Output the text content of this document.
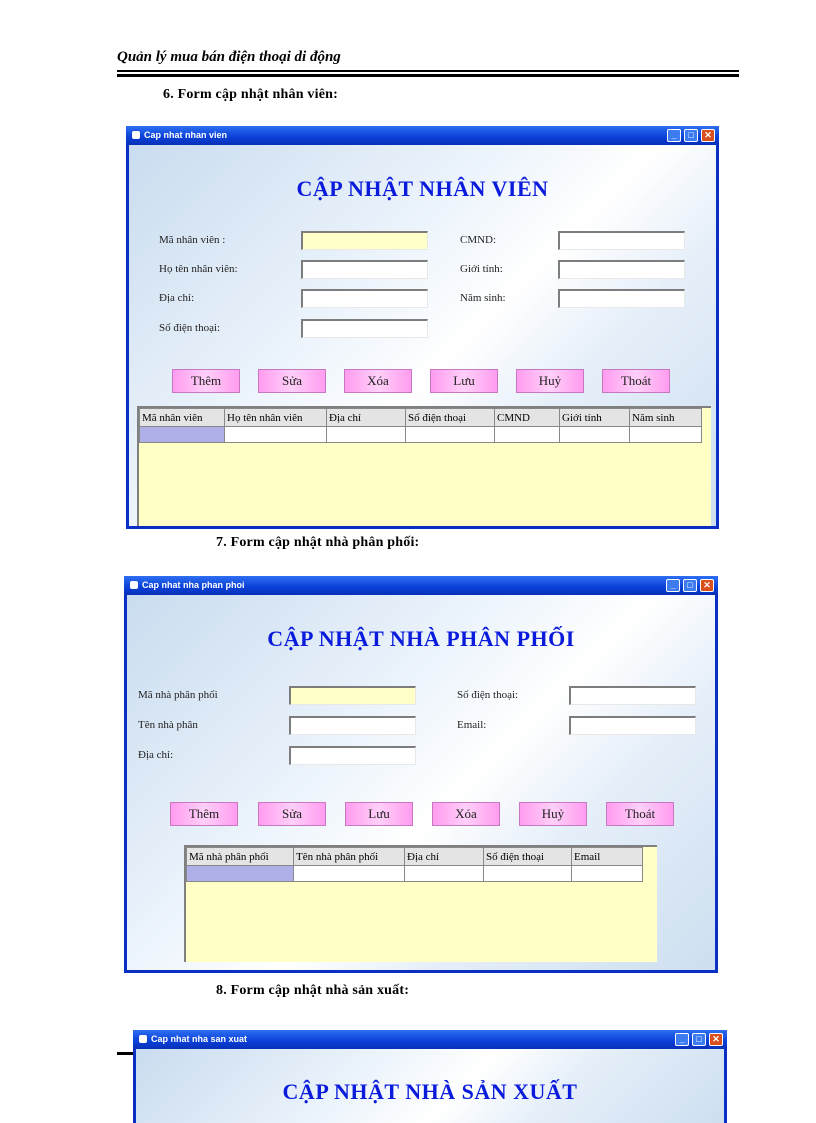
Quản lý mua bán điện thoại di động
6. Form cập nhật nhân viên:
Cap nhat nhan vien	_	□	✕
CẬP NHẬT NHÂN VIÊN
Mã nhân viên :
Họ tên nhân viên:
Địa chỉ:
Số điện thoại:
CMND:
Giới tính:
Năm sinh:
Thêm	Sửa	Xóa	Lưu	Huỷ	Thoát
Mã nhân viên	Họ tên nhân viên	Địa chỉ	Số điện thoại	CMND	Giới tính	Năm sinh

7. Form cập nhật nhà phân phối:
Cap nhat nha phan phoi	_	□	✕
CẬP NHẬT NHÀ PHÂN PHỐI
Mã nhà phân phối
Tên nhà phân
Địa chỉ:
Số điện thoại:
Email:
Thêm	Sửa	Lưu	Xóa	Huỷ	Thoát
Mã nhà phân phối	Tên nhà phân phối	Địa chỉ	Số điện thoại	Email

8. Form cập nhật nhà sản xuất:
Cap nhat nha san xuat	_	□	✕
CẬP NHẬT NHÀ SẢN XUẤT
